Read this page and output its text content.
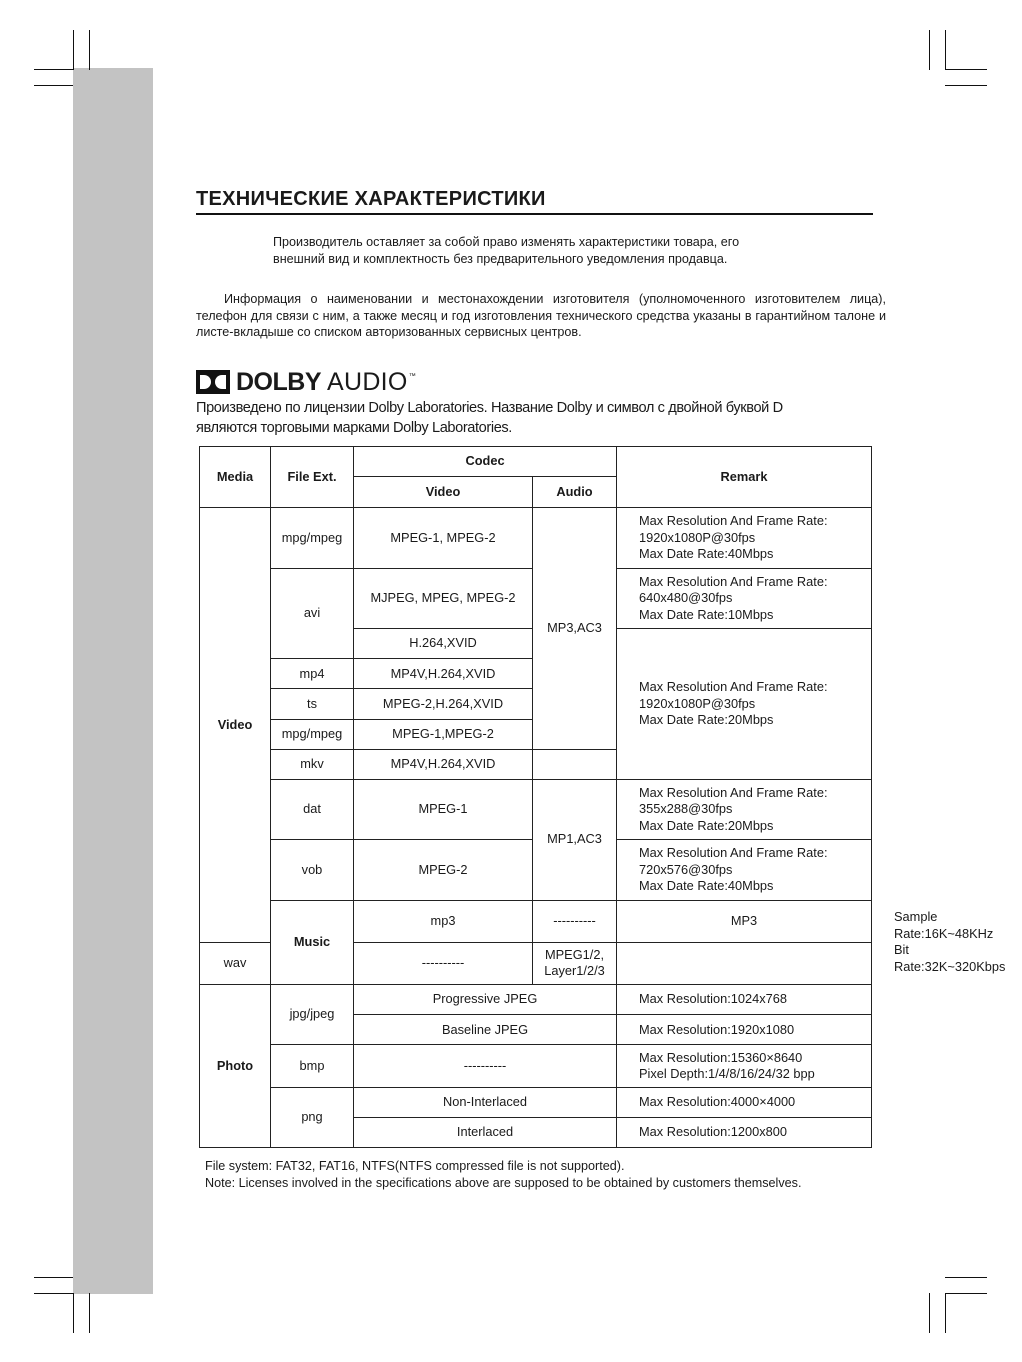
ТЕХНИЧЕСКИЕ ХАРАКТЕРИСТИКИ

Производитель оставляет за собой право изменять характеристики товара, его
внешний вид и комплектность без предварительного уведомления продавца.

Информация о наименовании и местонахождении изготовителя (уполномоченного изготовителем лица), телефон для связи с ним, а также месяц и год изготовления технического средства указаны в гарантийном талоне и листе-вкладыше со списком авторизованных сервисных центров.

DOLBY AUDIO ™

Произведено по лицензии Dolby Laboratories. Название Dolby и символ с двойной буквой D
являются торговыми марками Dolby Laboratories.

Media	File Ext.	Codec		Remark	
		Video	Audio		
Video	mpg/mpeg	MPEG-1, MPEG-2	MP3,AC3	Max Resolution And Frame Rate:
1920x1080P@30fps
Max Date Rate:40Mbps	
	avi	MJPEG, MPEG, MPEG-2		Max Resolution And Frame Rate:
640x480@30fps
Max Date Rate:10Mbps	
		H.264,XVID		Max Resolution And Frame Rate:
1920x1080P@30fps
Max Date Rate:20Mbps	
	mp4	MP4V,H.264,XVID			
	ts	MPEG-2,H.264,XVID			
	mpg/mpeg	MPEG-1,MPEG-2			
	mkv	MP4V,H.264,XVID			
	dat	MPEG-1	MP1,AC3	Max Resolution And Frame Rate:
355x288@30fps
Max Date Rate:20Mbps	
	vob	MPEG-2		Max Resolution And Frame Rate:
720x576@30fps
Max Date Rate:40Mbps	
	Music	mp3	----------	MP3	Sample Rate:16K~48KHz
Bit Rate:32K~320Kbps
wav		----------	MPEG1/2,
Layer1/2/3		
Photo	jpg/jpeg	Progressive JPEG		Max Resolution:1024x768	
		Baseline JPEG		Max Resolution:1920x1080	
	bmp	----------		Max Resolution:15360×8640
Pixel Depth:1/4/8/16/24/32 bpp	
	png	Non-Interlaced		Max Resolution:4000×4000	
		Interlaced		Max Resolution:1200x800	

File system: FAT32, FAT16, NTFS(NTFS compressed file is not supported).
Note: Licenses involved in the specifications above are supposed to be obtained by customers themselves.
